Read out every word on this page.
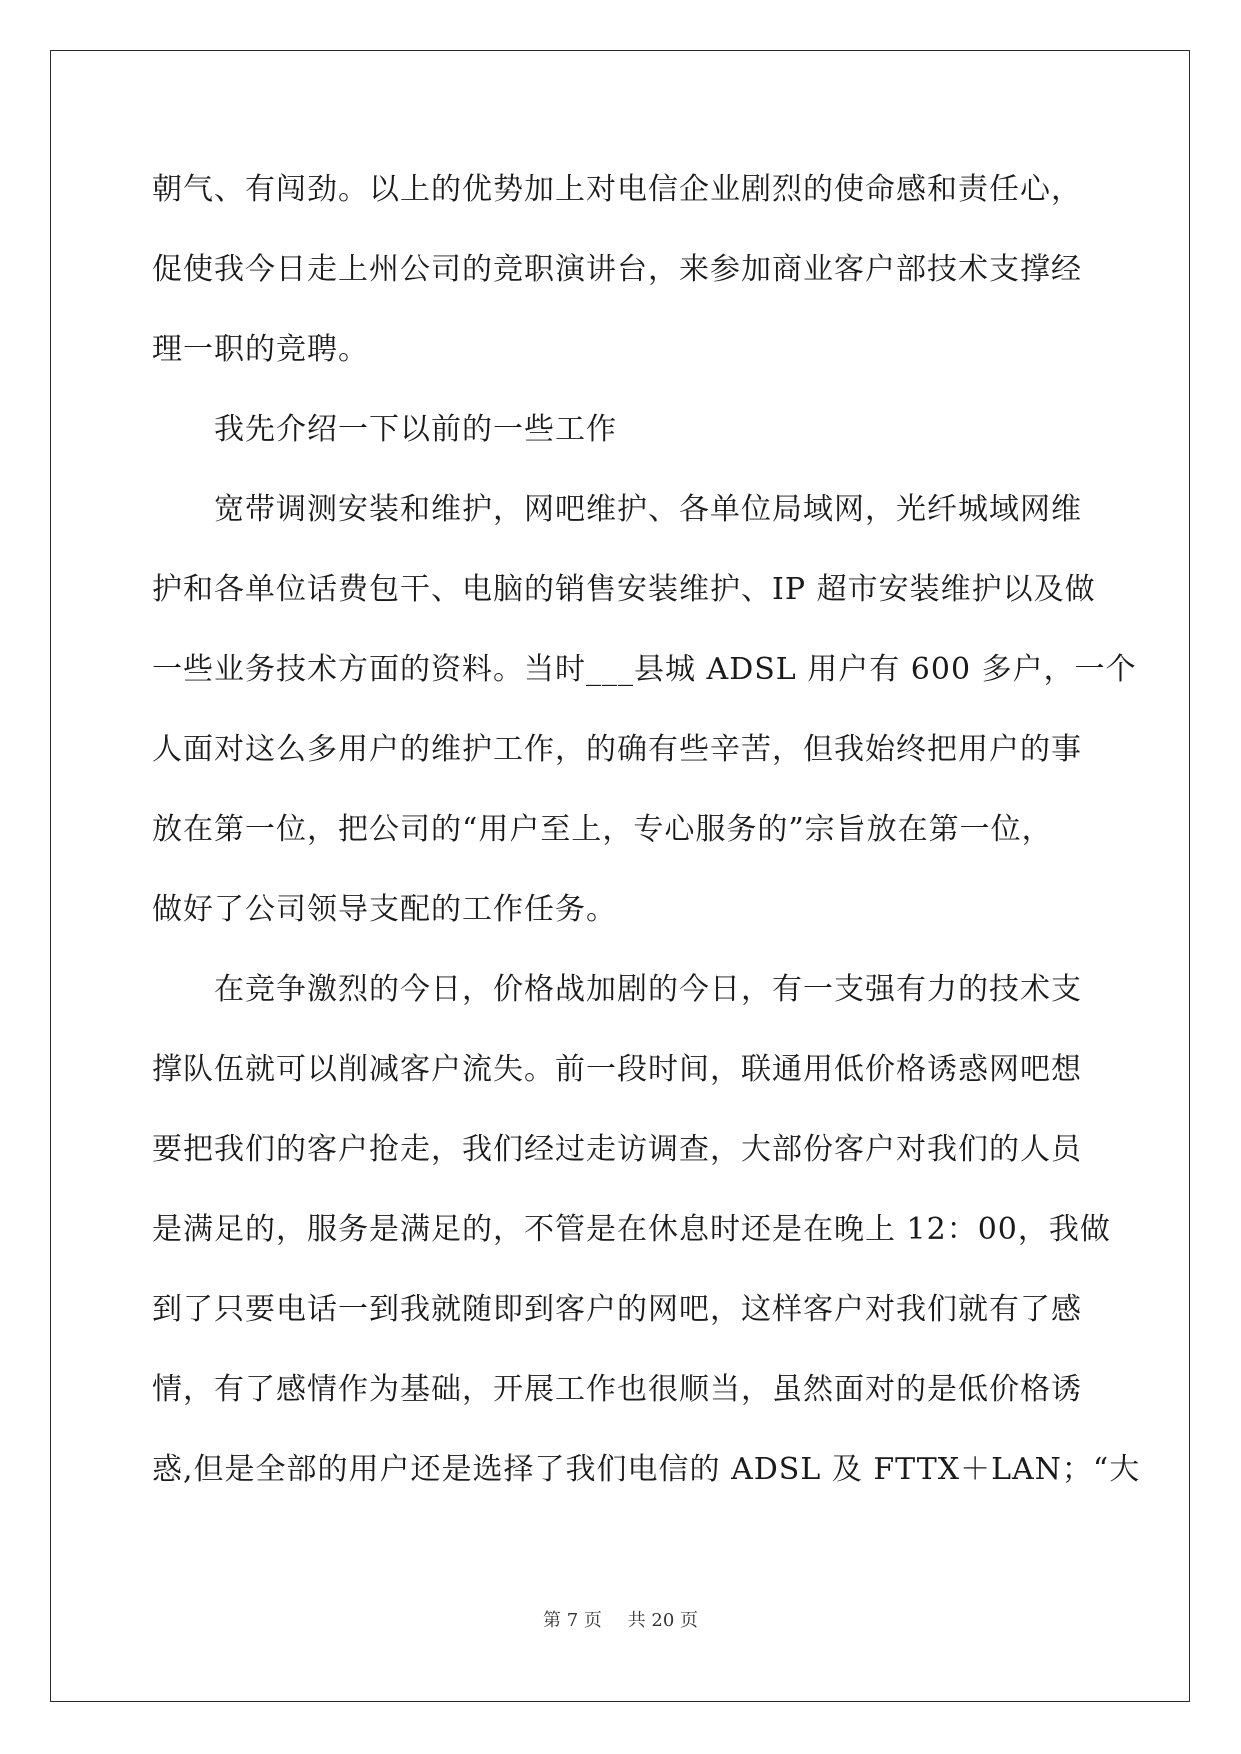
朝气、有闯劲。以上的优势加上对电信企业剧烈的使命感和责任心，
促使我今日走上州公司的竞职演讲台，来参加商业客户部技术支撑经
理一职的竞聘。
我先介绍一下以前的一些工作
宽带调测安装和维护，网吧维护、各单位局域网，光纤城域网维
护和各单位话费包干、电脑的销售安装维护、IP 超市安装维护以及做
一些业务技术方面的资料。当时___县城 ADSL 用户有 600 多户，一个
人面对这么多用户的维护工作，的确有些辛苦，但我始终把用户的事
放在第一位，把公司的“用户至上，专心服务的”宗旨放在第一位，
做好了公司领导支配的工作任务。
在竞争激烈的今日，价格战加剧的今日，有一支强有力的技术支
撑队伍就可以削减客户流失。前一段时间，联通用低价格诱惑网吧想
要把我们的客户抢走，我们经过走访调查，大部份客户对我们的人员
是满足的，服务是满足的，不管是在休息时还是在晚上 12：00，我做
到了只要电话一到我就随即到客户的网吧，这样客户对我们就有了感
情，有了感情作为基础，开展工作也很顺当，虽然面对的是低价格诱
惑,但是全部的用户还是选择了我们电信的 ADSL 及 FTTX＋LAN；“大
第 7 页 共 20 页
